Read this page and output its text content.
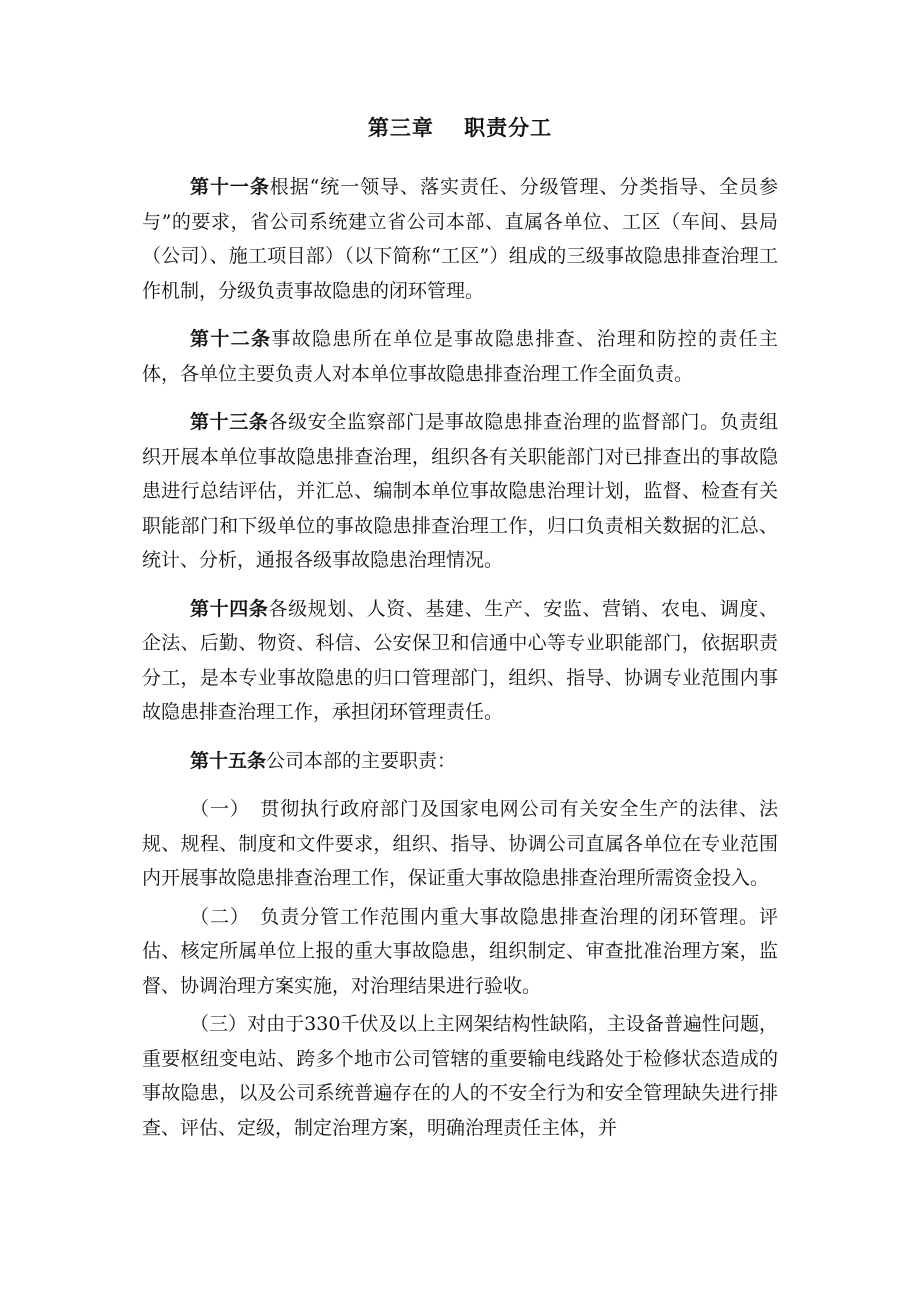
第三章　 职责分工

第十一条根据“统一领导、落实责任、分级管理、分类指导、全员参与”的要求，省公司系统建立省公司本部、直属各单位、工区（车间、县局（公司）、施工项目部）（以下简称“工区”）组成的三级事故隐患排查治理工作机制，分级负责事故隐患的闭环管理。

第十二条事故隐患所在单位是事故隐患排查、治理和防控的责任主体，各单位主要负责人对本单位事故隐患排查治理工作全面负责。

第十三条各级安全监察部门是事故隐患排查治理的监督部门。负责组织开展本单位事故隐患排查治理，组织各有关职能部门对已排查出的事故隐患进行总结评估，并汇总、编制本单位事故隐患治理计划，监督、检查有关职能部门和下级单位的事故隐患排查治理工作，归口负责相关数据的汇总、统计、分析，通报各级事故隐患治理情况。

第十四条各级规划、人资、基建、生产、安监、营销、农电、调度、企法、后勤、物资、科信、公安保卫和信通中心等专业职能部门，依据职责分工，是本专业事故隐患的归口管理部门，组织、指导、协调专业范围内事故隐患排查治理工作，承担闭环管理责任。

第十五条公司本部的主要职责：

（一）　贯彻执行政府部门及国家电网公司有关安全生产的法律、法规、规程、制度和文件要求，组织、指导、协调公司直属各单位在专业范围内开展事故隐患排查治理工作，保证重大事故隐患排查治理所需资金投入。

（二）　负责分管工作范围内重大事故隐患排查治理的闭环管理。评估、核定所属单位上报的重大事故隐患，组织制定、审查批准治理方案，监督、协调治理方案实施，对治理结果进行验收。

（三）对由于330千伏及以上主网架结构性缺陷，主设备普遍性问题，重要枢纽变电站、跨多个地市公司管辖的重要输电线路处于检修状态造成的事故隐患，以及公司系统普遍存在的人的不安全行为和安全管理缺失进行排查、评估、定级，制定治理方案，明确治理责任主体，并
